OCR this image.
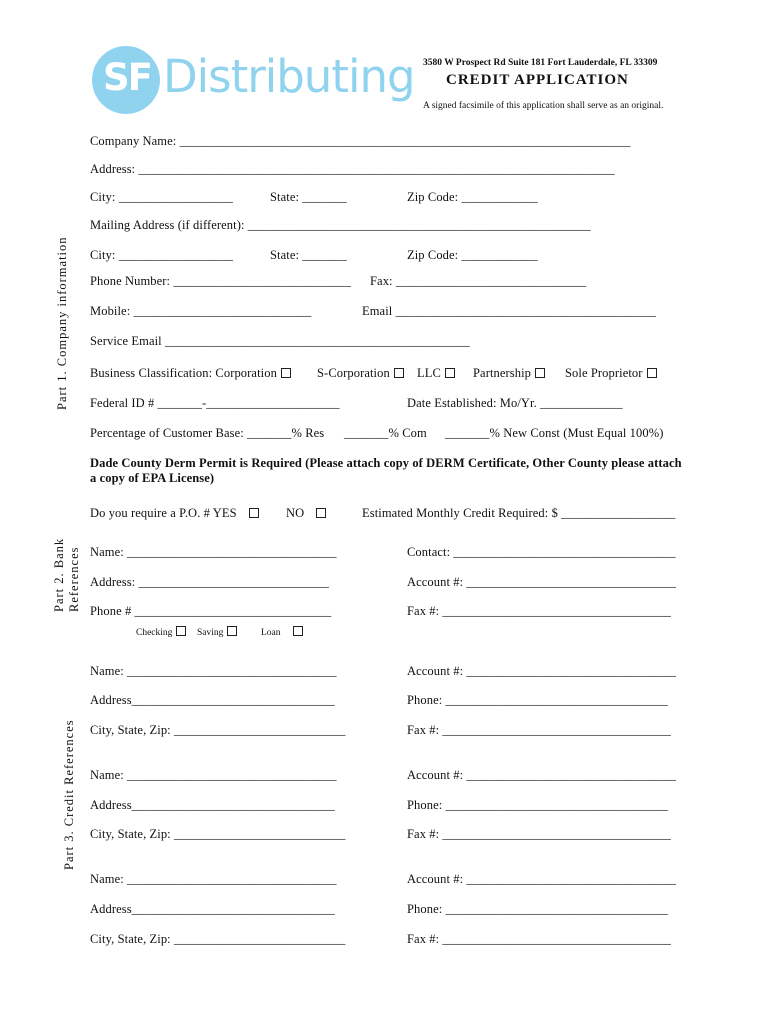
SF Distributing 3580 W Prospect Rd Suite 181 Fort Lauderdale, FL 33309
CREDIT APPLICATION
A signed facsimile of this application shall serve as an original.
Part 1. Company information
Part 2. Bank References
Part 3. Credit References
Company Name: _______________________________________________________________________
Address: ___________________________________________________________________________
City: __________________	State: _______	Zip Code: ____________
Mailing Address (if different): ______________________________________________________
City: __________________	State: _______	Zip Code: ____________
Phone Number: ____________________________ Fax: ______________________________
Mobile: ____________________________	Email _________________________________________
Service Email ________________________________________________
Business Classification: Corporation	S-Corporation	LLC	Partnership	Sole Proprietor
Federal ID # _______-_____________________	Date Established: Mo/Yr. _____________
Percentage of Customer Base: _______% Res _______% Com _______% New Const (Must Equal 100%)
Dade County Derm Permit is Required (Please attach copy of DERM Certificate, Other County please attach
a copy of EPA License)
Do you require a P.O. # YES	NO	Estimated Monthly Credit Required: $ __________________
Name: _________________________________	Contact: ___________________________________
Address: ______________________________	Account #: _________________________________
Phone # _______________________________	Fax #: ____________________________________
Checking	Saving	Loan
Name: _________________________________	Account #: _________________________________
Address________________________________	Phone: ___________________________________
City, State, Zip: ___________________________	Fax #: ____________________________________
Name: _________________________________	Account #: _________________________________
Address________________________________	Phone: ___________________________________
City, State, Zip: ___________________________	Fax #: ____________________________________
Name: _________________________________	Account #: _________________________________
Address________________________________	Phone: ___________________________________
City, State, Zip: ___________________________	Fax #: ____________________________________
